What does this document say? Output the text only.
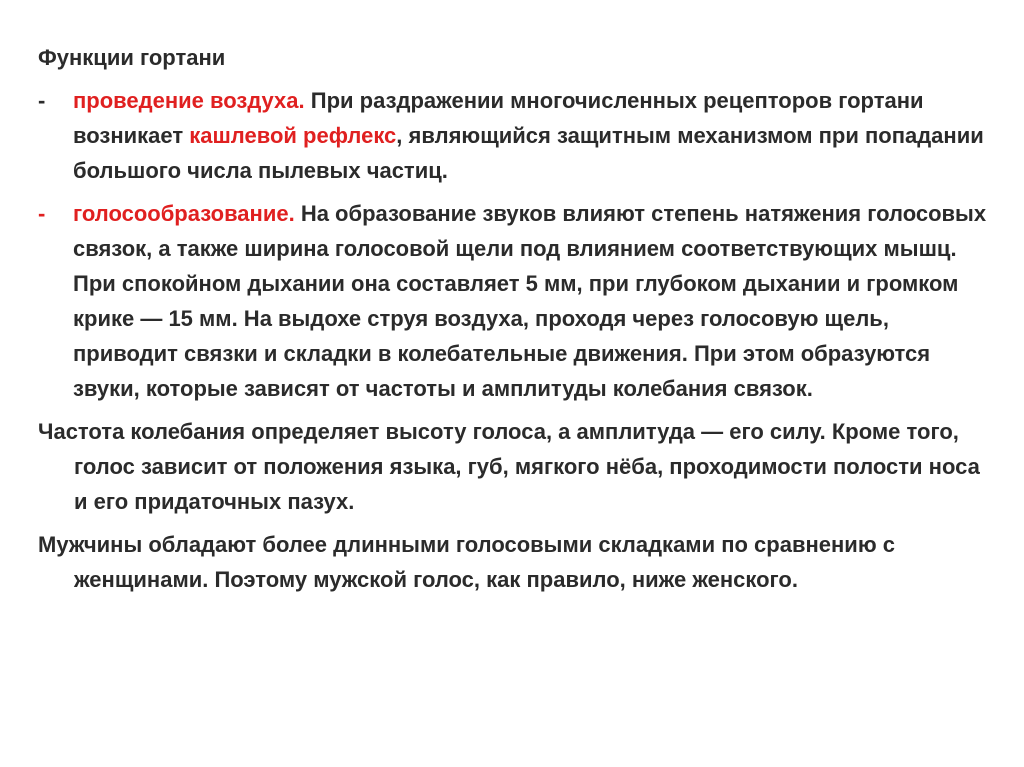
Функции гортани
-	проведение воздуха. При раздражении многочисленных рецепторов гортани возникает кашлевой рефлекс, являющийся защитным механизмом при попадании большого числа пылевых частиц.
-	голосообразование. На образование звуков влияют степень натяжения голосовых связок, а также ширина голосовой щели под влиянием соответствующих мышц. При спокойном дыхании она составляет 5 мм, при глубоком дыхании и громком крике — 15 мм. На выдохе струя воздуха, проходя через голосовую щель, приводит связки и складки в колебательные движения. При этом образуются звуки, которые зависят от частоты и амплитуды колебания связок.
Частота колебания определяет высоту голоса, а амплитуда — его силу. Кроме того, голос зависит от положения языка, губ, мягкого нёба, проходимости полости носа и его придаточных пазух.
Мужчины обладают более длинными голосовыми складками по сравнению с женщинами. Поэтому мужской голос, как правило, ниже женского.
